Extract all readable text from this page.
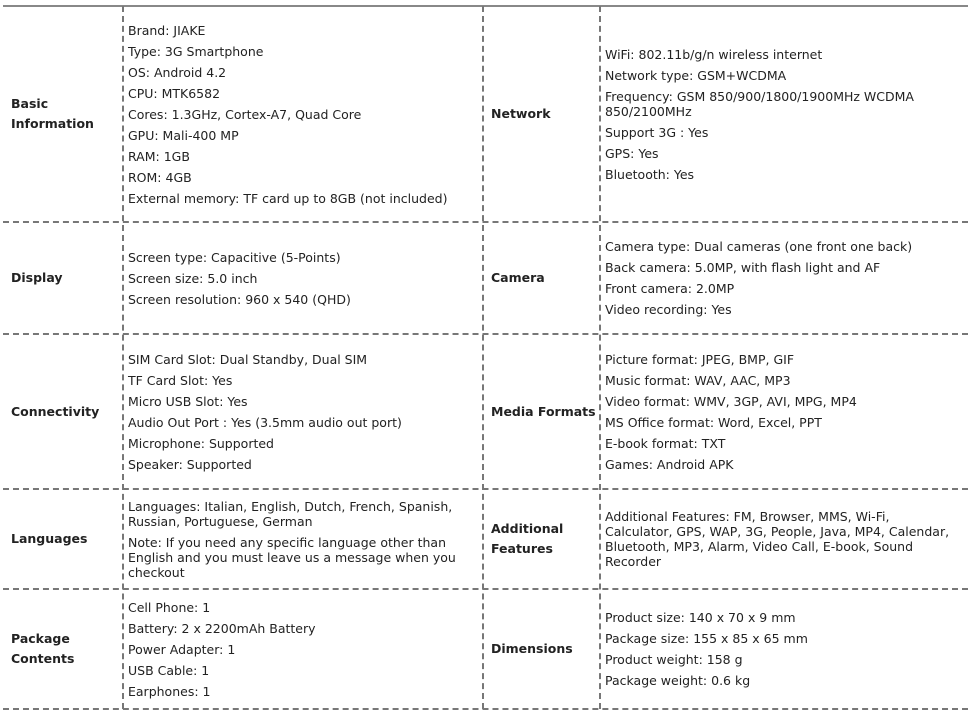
Basic Information
Brand: JIAKE
Type: 3G Smartphone
OS: Android 4.2
CPU: MTK6582
Cores: 1.3GHz, Cortex-A7, Quad Core
GPU: Mali-400 MP
RAM: 1GB
ROM: 4GB
External memory: TF card up to 8GB (not included)
Network
WiFi: 802.11b/g/n wireless internet
Network type: GSM+WCDMA
Frequency: GSM 850/900/1800/1900MHz WCDMA 850/2100MHz
Support 3G : Yes
GPS: Yes
Bluetooth: Yes
Display
Screen type: Capacitive (5-Points)
Screen size: 5.0 inch
Screen resolution: 960 x 540 (QHD)
Camera
Camera type: Dual cameras (one front one back)
Back camera: 5.0MP, with flash light and AF
Front camera: 2.0MP
Video recording: Yes
Connectivity
SIM Card Slot: Dual Standby, Dual SIM
TF Card Slot: Yes
Micro USB Slot: Yes
Audio Out Port : Yes (3.5mm audio out port)
Microphone: Supported
Speaker: Supported
Media Formats
Picture format: JPEG, BMP, GIF
Music format: WAV, AAC, MP3
Video format: WMV, 3GP, AVI, MPG, MP4
MS Office format: Word, Excel, PPT
E-book format: TXT
Games: Android APK
Languages
Languages: Italian, English, Dutch, French, Spanish, Russian, Portuguese, German
Note: If you need any specific language other than English and you must leave us a message when you checkout
Additional Features
Additional Features: FM, Browser, MMS, Wi-Fi, Calculator, GPS, WAP, 3G, People, Java, MP4, Calendar, Bluetooth, MP3, Alarm, Video Call, E-book, Sound Recorder
Package Contents
Cell Phone: 1
Battery: 2 x 2200mAh Battery
Power Adapter: 1
USB Cable: 1
Earphones: 1
Dimensions
Product size: 140 x 70 x 9 mm
Package size: 155 x 85 x 65 mm
Product weight: 158 g
Package weight: 0.6 kg
